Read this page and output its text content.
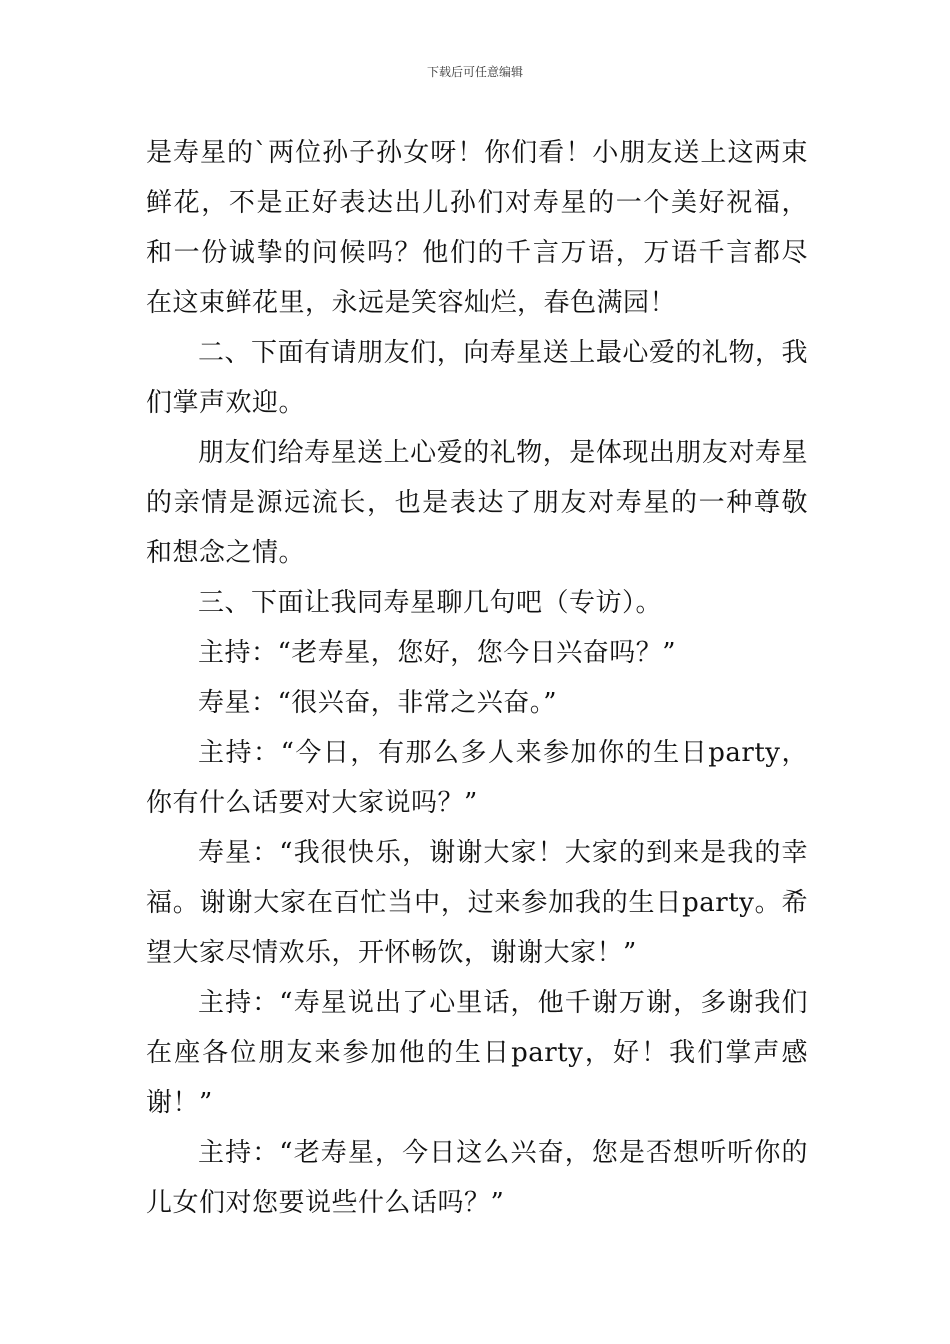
下载后可任意编辑

是寿星的`两位孙子孙女呀！你们看！小朋友送上这两束鲜花，不是正好表达出儿孙们对寿星的一个美好祝福，和一份诚挚的问候吗？他们的千言万语，万语千言都尽在这束鲜花里，永远是笑容灿烂，春色满园！

二、下面有请朋友们，向寿星送上最心爱的礼物，我们掌声欢迎。

朋友们给寿星送上心爱的礼物，是体现出朋友对寿星的亲情是源远流长，也是表达了朋友对寿星的一种尊敬和想念之情。

三、下面让我同寿星聊几句吧（专访）。

主持：“老寿星，您好，您今日兴奋吗？”

寿星：“很兴奋，非常之兴奋。”

主持：“今日，有那么多人来参加你的生日party，你有什么话要对大家说吗？”

寿星：“我很快乐，谢谢大家！大家的到来是我的幸福。谢谢大家在百忙当中，过来参加我的生日party。希望大家尽情欢乐，开怀畅饮，谢谢大家！”

主持：“寿星说出了心里话，他千谢万谢，多谢我们在座各位朋友来参加他的生日party，好！我们掌声感谢！”

主持：“老寿星，今日这么兴奋，您是否想听听你的儿女们对您要说些什么话吗？”
